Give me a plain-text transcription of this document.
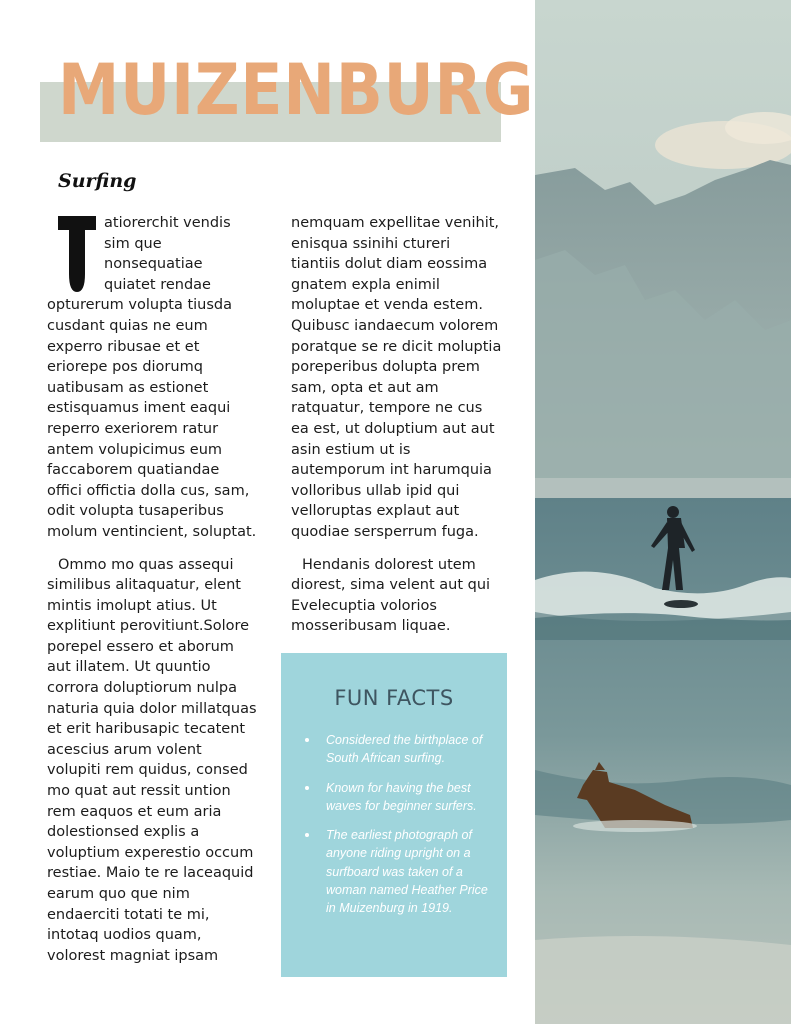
MUIZENBURG
Surfing

atiorerchit vendis sim que nonsequatiae quiatet rendae opturerum volupta tiusda cusdant quias ne eum experro ribusae et et eriorepe pos diorumq uatibusam as estionet estisquamus iment eaqui reperro exeriorem ratur antem volupicimus eum faccaborem quatiandae offici offictia dolla cus, sam, odit volupta tusaperibus molum ventincient, soluptat.

Ommo mo quas assequi similibus alitaquatur, elent mintis imolupt atius. Ut explitiunt perovitiunt.Solore porepel essero et aborum aut illatem. Ut quuntio corrora doluptiorum nulpa naturia quia dolor millatquas et erit haribusapic tecatent acescius arum volent volupiti rem quidus, consed mo quat aut ressit untion rem eaquos et eum aria dolestionsed explis a voluptium experestio occum restiae. Maio te re laceaquid earum quo que nim endaerciti totati te mi, intotaq uodios quam, volorest magniat ipsam

nemquam expellitae venihit, enisqua ssinihi ctureri tiantiis dolut diam eossima gnatem expla enimil moluptae et venda estem. Quibusc iandaecum volorem poratque se re dicit moluptia poreperibus dolupta prem sam, opta et aut am ratquatur, tempore ne cus ea est, ut doluptium aut aut asin estium ut is autemporum int harumquia volloribus ullab ipid qui velloruptas explaut aut quodiae sersperrum fuga.

Hendanis dolorest utem diorest, sima velent aut qui Evelecuptia volorios mosseribusam liquae.

FUN FACTS
Considered the birthplace of South African surfing.
Known for having the best waves for beginner surfers.
The earliest photograph of anyone riding upright on a surfboard was taken of a woman named Heather Price in Muizenburg in 1919.
